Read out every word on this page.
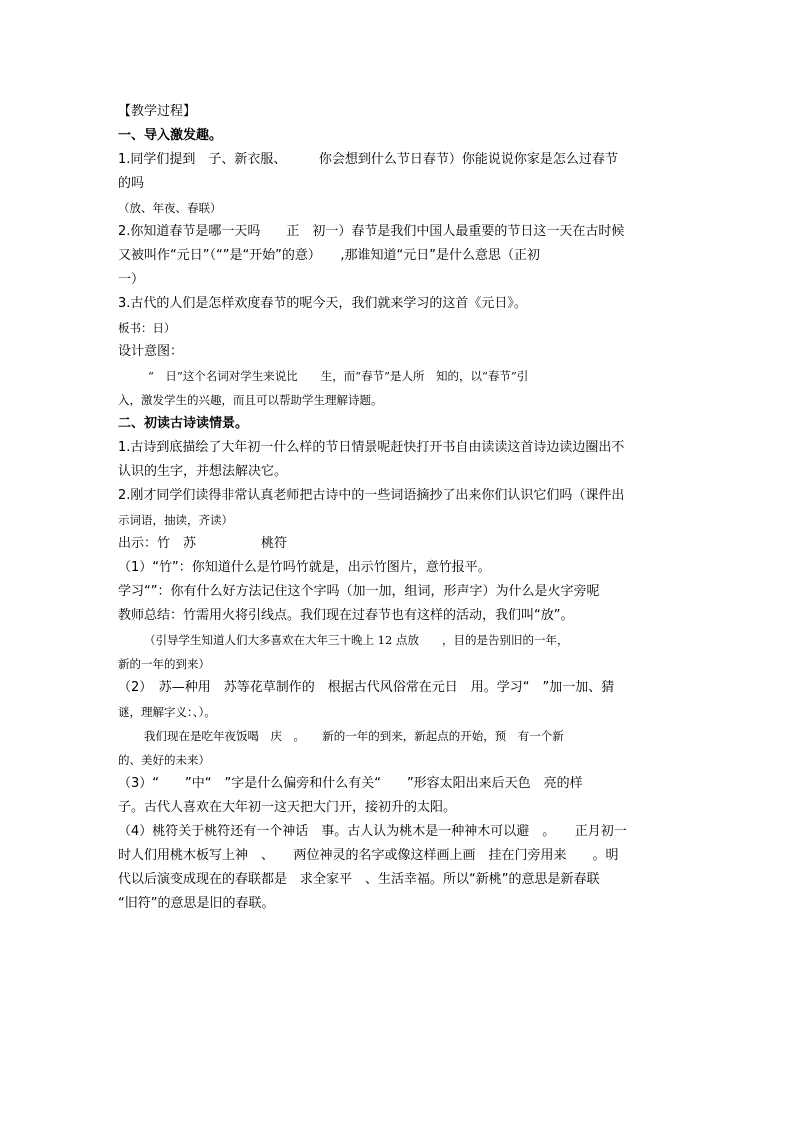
【教学过程】
一、导入激发趣。
1.同学们提到　子、新衣服、　　　你会想到什么节日春节）你能说说你家是怎么过春节
的吗
（放、年夜、春联）
2.你知道春节是哪一天吗　　正　初一）春节是我们中国人最重要的节日这一天在古时候
又被叫作“元日”（“”是“开始”的意）　　,那谁知道“元日”是什么意思（正初
一）
3.古代的人们是怎样欢度春节的呢今天，我们就来学习的这首《元日》。
板书：日）
设计意图：
“　日”这个名词对学生来说比　　生，而“春节”是人所　知的，以“春节”引
入，激发学生的兴趣，而且可以帮助学生理解诗题。
二、初读古诗读情景。
1.古诗到底描绘了大年初一什么样的节日情景呢赶快打开书自由读读这首诗边读边圈出不
认识的生字，并想法解决它。
2.刚才同学们读得非常认真老师把古诗中的一些词语摘抄了出来你们认识它们吗（课件出
示词语，抽读，齐读）
出示：竹　苏　　　　　桃符
（1）“竹”：你知道什么是竹吗竹就是，出示竹图片，意竹报平。
学习“”：你有什么好方法记住这个字吗（加一加，组词，形声字）为什么是火字旁呢
教师总结：竹需用火将引线点。我们现在过春节也有这样的活动，我们叫“放”。
（引导学生知道人们大多喜欢在大年三十晚上 12 点放　　，目的是告别旧的一年，
新的一年的到来）
（2）　苏—种用　苏等花草制作的　根据古代风俗常在元日　用。学习“　”加一加、猜
谜，理解字义：、）。
我们现在是吃年夜饭喝　庆　。　　新的一年的到来，新起点的开始，预　有一个新
的、美好的未来）
（3）“　　”中“　”字是什么偏旁和什么有关“　　”形容太阳出来后天色　亮的样
子。古代人喜欢在大年初一这天把大门开，接初升的太阳。
（4）桃符关于桃符还有一个神话　事。古人认为桃木是一种神木可以避　。　　正月初一
时人们用桃木板写上神　、　　两位神灵的名字或像这样画上画　挂在门旁用来　　。明
代以后演变成现在的春联都是　求全家平　、生活幸福。所以“新桃”的意思是新春联
“旧符”的意思是旧的春联。
